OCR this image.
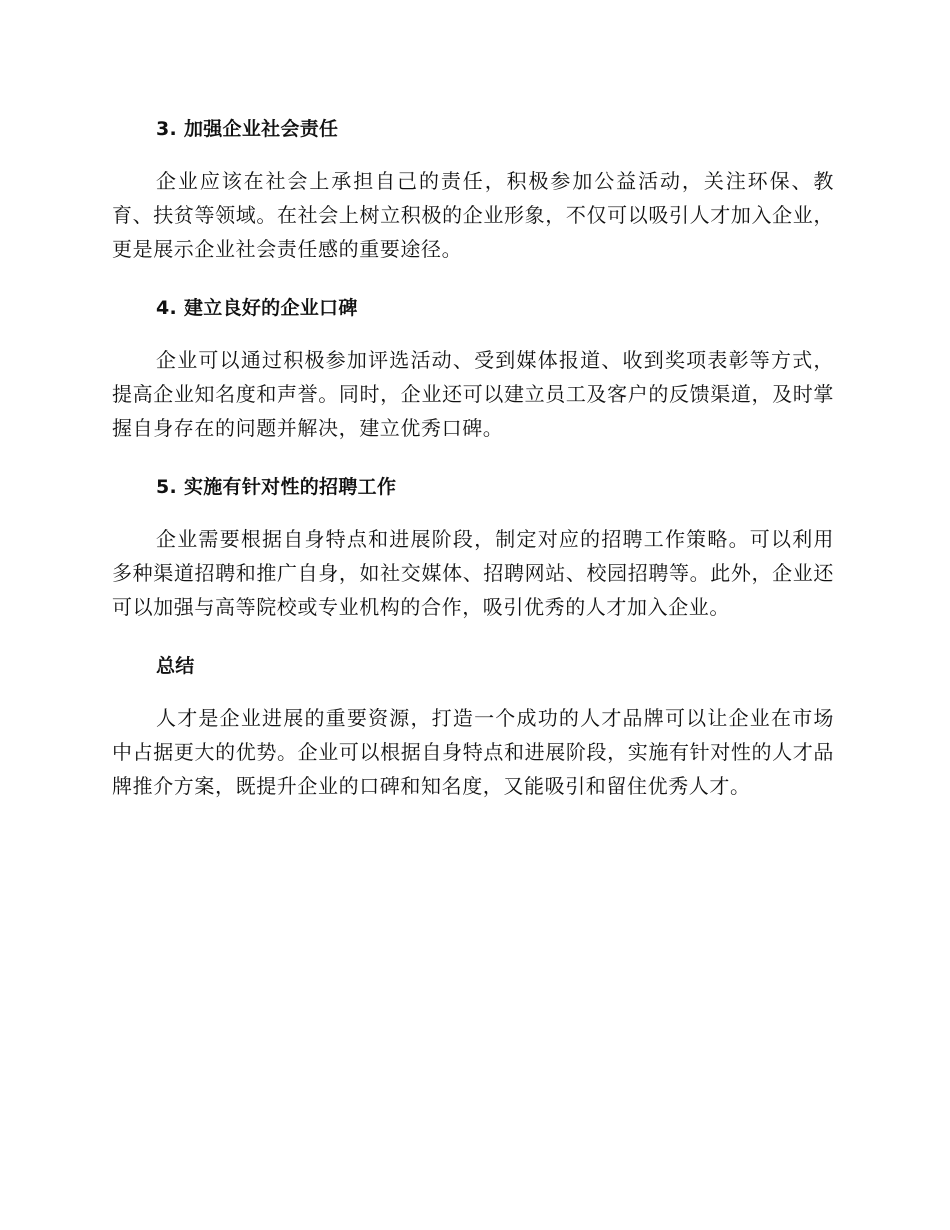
3. 加强企业社会责任

企业应该在社会上承担自己的责任，积极参加公益活动，关注环保、教育、扶贫等领域。在社会上树立积极的企业形象，不仅可以吸引人才加入企业，更是展示企业社会责任感的重要途径。

4. 建立良好的企业口碑

企业可以通过积极参加评选活动、受到媒体报道、收到奖项表彰等方式，提高企业知名度和声誉。同时，企业还可以建立员工及客户的反馈渠道，及时掌握自身存在的问题并解决，建立优秀口碑。

5. 实施有针对性的招聘工作

企业需要根据自身特点和进展阶段，制定对应的招聘工作策略。可以利用多种渠道招聘和推广自身，如社交媒体、招聘网站、校园招聘等。此外，企业还可以加强与高等院校或专业机构的合作，吸引优秀的人才加入企业。

总结

人才是企业进展的重要资源，打造一个成功的人才品牌可以让企业在市场中占据更大的优势。企业可以根据自身特点和进展阶段，实施有针对性的人才品牌推介方案，既提升企业的口碑和知名度，又能吸引和留住优秀人才。
